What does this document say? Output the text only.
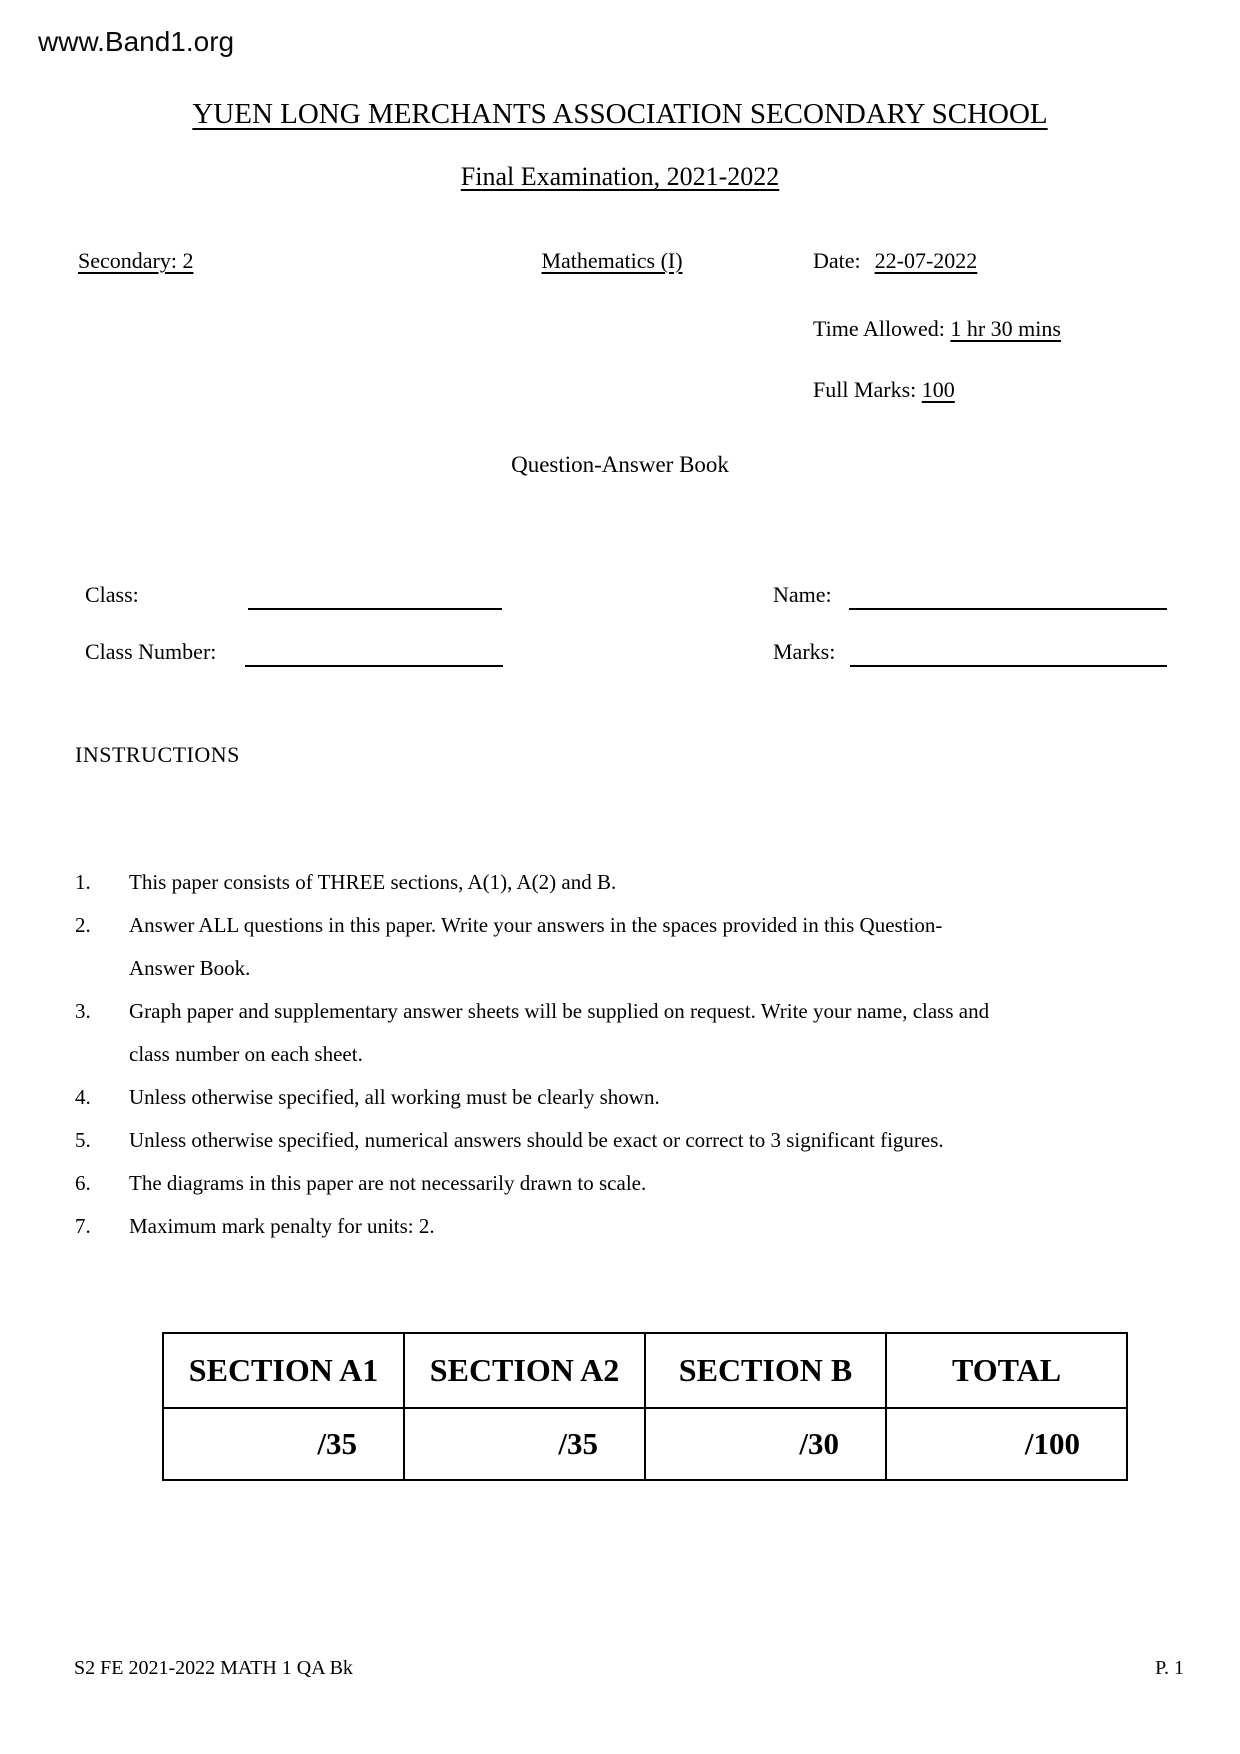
www.Band1.org
YUEN LONG MERCHANTS ASSOCIATION SECONDARY SCHOOL
Final Examination, 2021-2022
Secondary: 2	Mathematics (I)	Date: 22-07-2022
Time Allowed: 1 hr 30 mins
Full Marks: 100
Question-Answer Book
Class:	Name:
Class Number:	Marks:
INSTRUCTIONS
1.	This paper consists of THREE sections, A(1), A(2) and B.
2.	Answer ALL questions in this paper. Write your answers in the spaces provided in this Question-
Answer Book.
3.	Graph paper and supplementary answer sheets will be supplied on request. Write your name, class and
class number on each sheet.
4.	Unless otherwise specified, all working must be clearly shown.
5.	Unless otherwise specified, numerical answers should be exact or correct to 3 significant figures.
6.	The diagrams in this paper are not necessarily drawn to scale.
7.	Maximum mark penalty for units: 2.
SECTION A1	SECTION A2	SECTION B	TOTAL
/35	/35	/30	/100
S2 FE 2021-2022 MATH 1 QA Bk	P. 1
